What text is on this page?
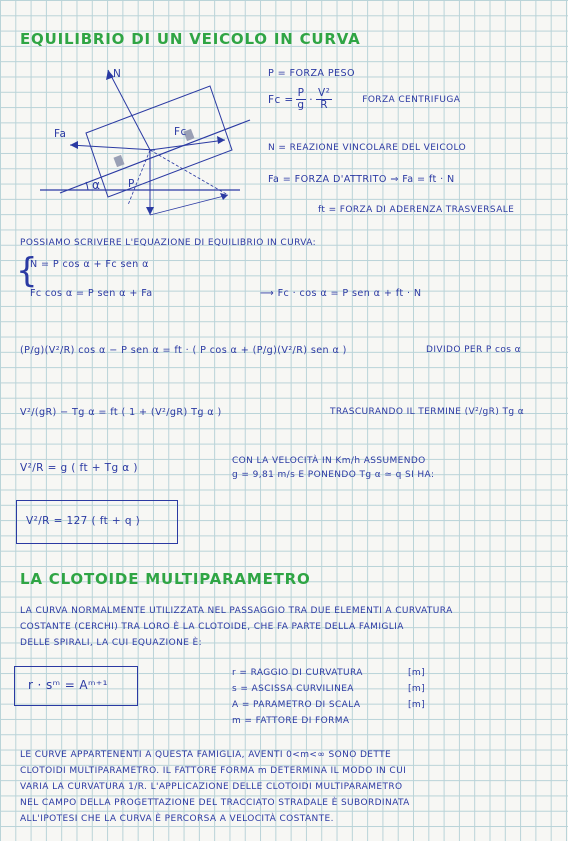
EQUILIBRIO DI UN VEICOLO IN CURVA
N
Fa	Fc
P
α
P = FORZA PESO
$Fc = \frac{P}{g} \cdot \frac{\text{V²}}{R}$	FORZA CENTRIFUGA
N = REAZIONE VINCOLARE DEL VEICOLO
Fa = FORZA D'ATTRITO ⇒ Fa = ft · N
ft = FORZA DI ADERENZA TRASVERSALE
POSSIAMO SCRIVERE L'EQUAZIONE DI EQUILIBRIO IN CURVA:
{
N = P cos α + Fc sen α
Fc cos α = P sen α + Fa	⟶ Fc · cos α = P sen α + ft · N
(P/g)(V²/R) cos α − P sen α = ft · ( P cos α + (P/g)(V²/R) sen α )	DIVIDO PER P cos α
V²/(gR) − Tg α = ft ( 1 + (V²/gR) Tg α )	TRASCURANDO IL TERMINE (V²/gR) Tg α
V²/R = g ( ft + Tg α )
CON LA VELOCITÀ IN Km/h ASSUMENDO
g = 9,81 m/s E PONENDO Tg α ≃ q SI HA:
V²/R = 127 ( ft + q )
LA CLOTOIDE MULTIPARAMETRO
LA CURVA NORMALMENTE UTILIZZATA NEL PASSAGGIO TRA DUE ELEMENTI A CURVATURA
COSTANTE (CERCHI) TRA LORO È LA CLOTOIDE, CHE FA PARTE DELLA FAMIGLIA
DELLE SPIRALI, LA CUI EQUAZIONE È:
r · sᵐ = Aᵐ⁺¹
r = RAGGIO DI CURVATURA	[m]
s = ASCISSA CURVILINEA	[m]
A = PARAMETRO DI SCALA	[m]
m = FATTORE DI FORMA
LE CURVE APPARTENENTI A QUESTA FAMIGLIA, AVENTI 0<m<∞ SONO DETTE
CLOTOIDI MULTIPARAMETRO. IL FATTORE FORMA m DETERMINA IL MODO IN CUI
VARIA LA CURVATURA 1/R. L'APPLICAZIONE DELLE CLOTOIDI MULTIPARAMETRO
NEL CAMPO DELLA PROGETTAZIONE DEL TRACCIATO STRADALE È SUBORDINATA
ALL'IPOTESI CHE LA CURVA È PERCORSA A VELOCITÀ COSTANTE.
